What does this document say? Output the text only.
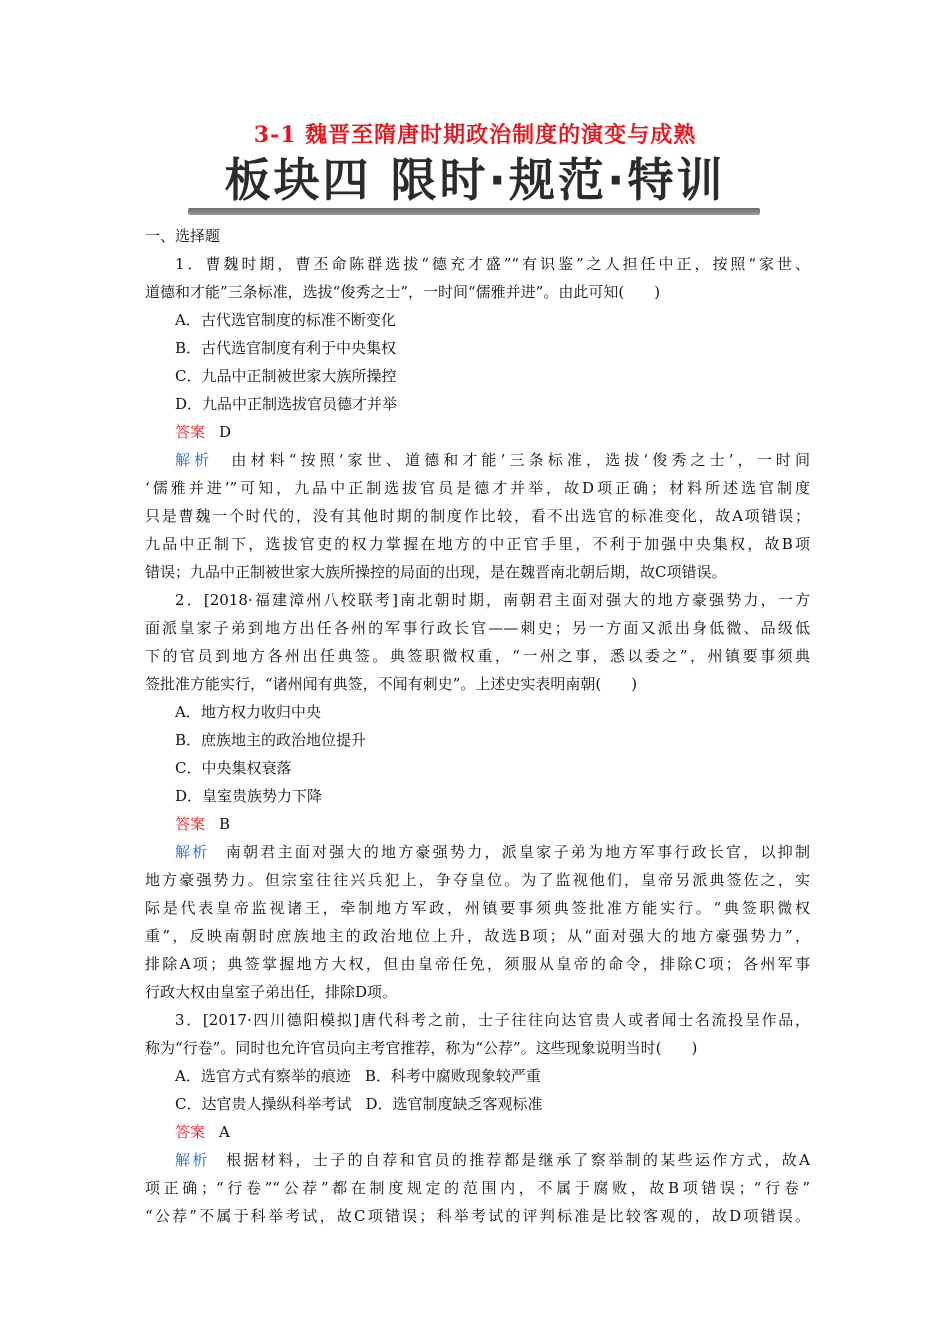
3-1 魏晋至隋唐时期政治制度的演变与成熟
板块四 限时·规范·特训
一、选择题
1．曹魏时期，曹丕命陈群选拔“德充才盛”“有识鉴”之人担任中正，按照“家世、
道德和才能”三条标准，选拔“俊秀之士”，一时间“儒雅并进”。由此可知(　　)
A．古代选官制度的标准不断变化
B．古代选官制度有利于中央集权
C．九品中正制被世家大族所操控
D．九品中正制选拔官员德才并举
答案 D
解析 由材料“按照‘家世、道德和才能’三条标准，选拔‘俊秀之士’，一时间
‘儒雅并进’”可知，九品中正制选拔官员是德才并举，故D项正确；材料所述选官制度
只是曹魏一个时代的，没有其他时期的制度作比较，看不出选官的标准变化，故A项错误；
九品中正制下，选拔官吏的权力掌握在地方的中正官手里，不利于加强中央集权，故B项
错误；九品中正制被世家大族所操控的局面的出现，是在魏晋南北朝后期，故C项错误。
2．[2018·福建漳州八校联考]南北朝时期，南朝君主面对强大的地方豪强势力，一方
面派皇家子弟到地方出任各州的军事行政长官——刺史；另一方面又派出身低微、品级低
下的官员到地方各州出任典签。典签职微权重，“一州之事，悉以委之”，州镇要事须典
签批准方能实行，“诸州闻有典签，不闻有刺史”。上述史实表明南朝(　　)
A．地方权力收归中央
B．庶族地主的政治地位提升
C．中央集权衰落
D．皇室贵族势力下降
答案 B
解析 南朝君主面对强大的地方豪强势力，派皇家子弟为地方军事行政长官，以抑制
地方豪强势力。但宗室往往兴兵犯上，争夺皇位。为了监视他们，皇帝另派典签佐之，实
际是代表皇帝监视诸王，牵制地方军政，州镇要事须典签批准方能实行。“典签职微权
重”，反映南朝时庶族地主的政治地位上升，故选B项；从“面对强大的地方豪强势力”，
排除A项；典签掌握地方大权，但由皇帝任免，须服从皇帝的命令，排除C项；各州军事
行政大权由皇室子弟出任，排除D项。
3．[2017·四川德阳模拟]唐代科考之前，士子往往向达官贵人或者闻士名流投呈作品，
称为“行卷”。同时也允许官员向主考官推荐，称为“公荐”。这些现象说明当时(　　)
A．选官方式有察举的痕迹 B．科考中腐败现象较严重
C．达官贵人操纵科举考试 D．选官制度缺乏客观标准
答案 A
解析 根据材料，士子的自荐和官员的推荐都是继承了察举制的某些运作方式，故A
项正确；“行卷”“公荐”都在制度规定的范围内，不属于腐败，故B项错误；“行卷”
“公荐”不属于科举考试，故C项错误；科举考试的评判标准是比较客观的，故D项错误。
